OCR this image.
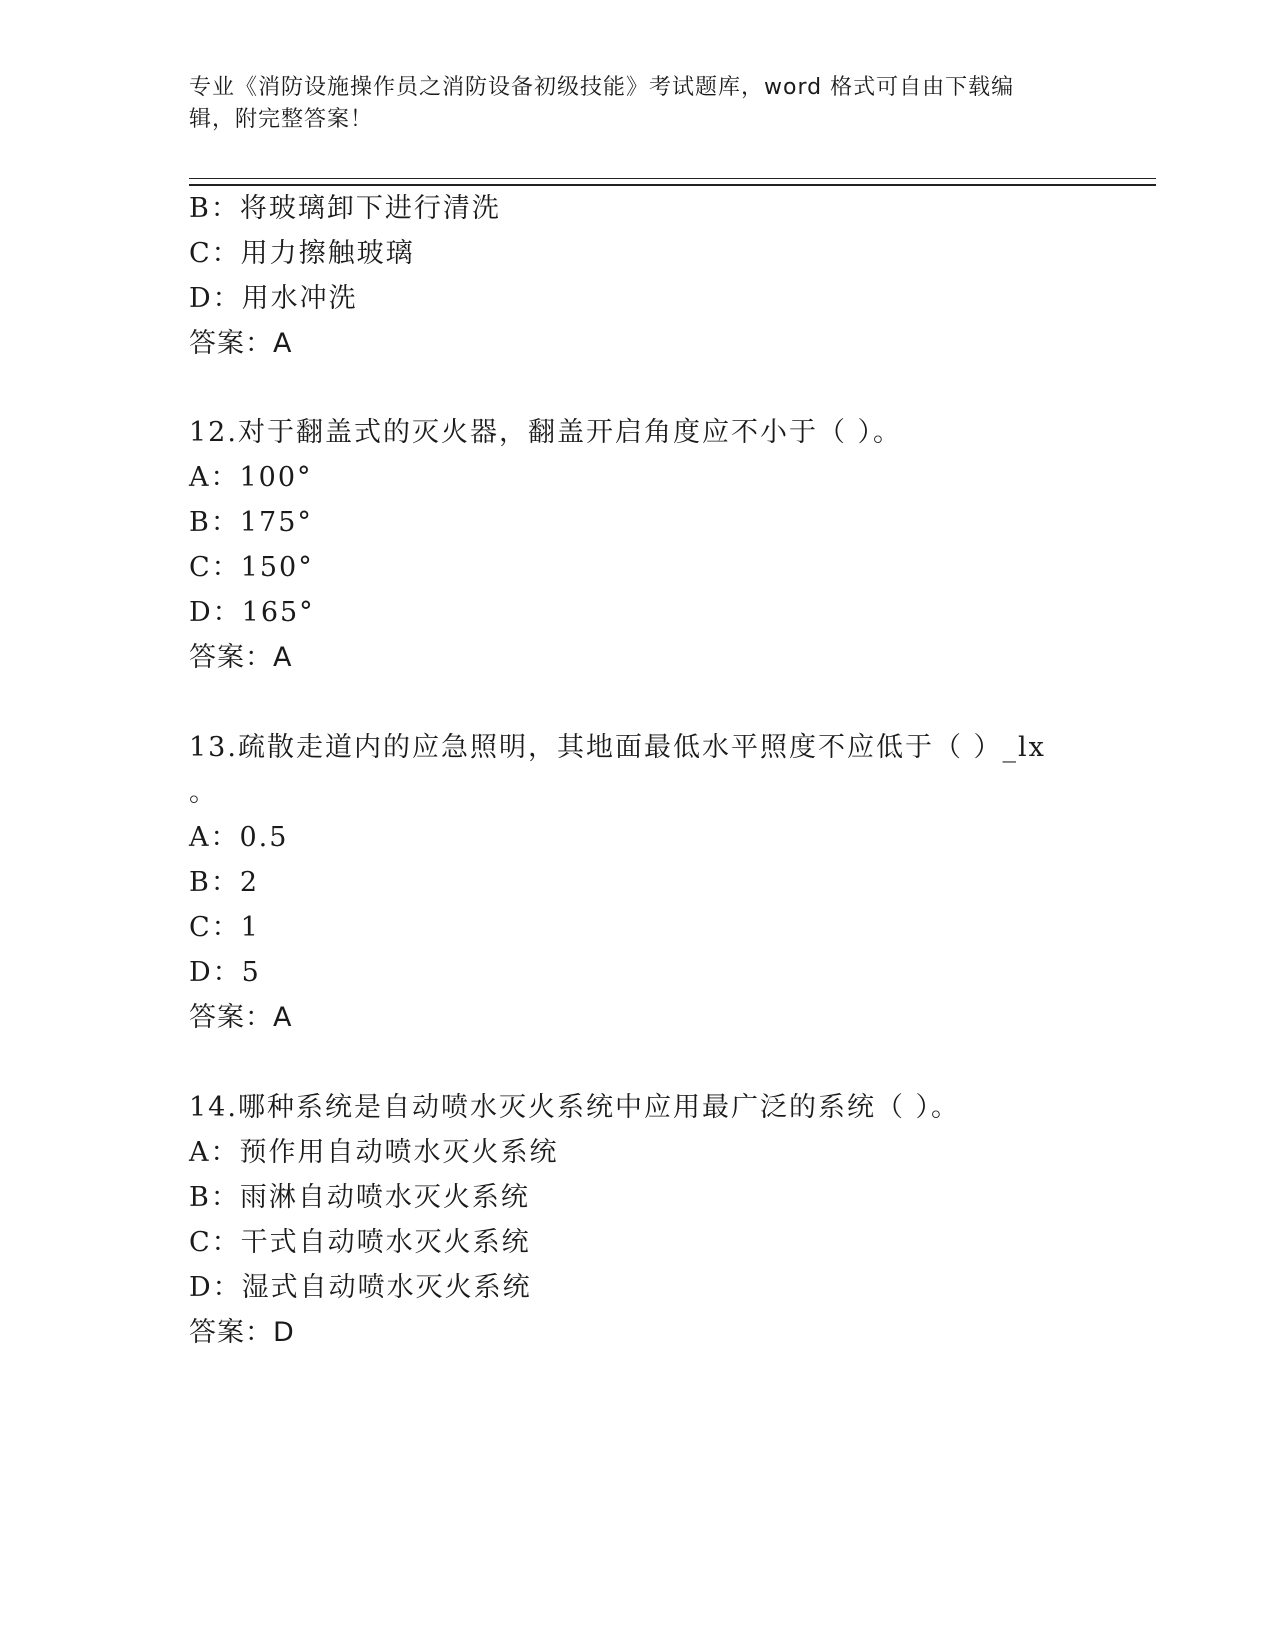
专业《消防设施操作员之消防设备初级技能》考试题库，word 格式可自由下载编
辑，附完整答案！
B：将玻璃卸下进行清洗
C：用力擦触玻璃
D：用水冲洗
答案：A
12.对于翻盖式的灭火器，翻盖开启角度应不小于（ ）。
A：100°
B：175°
C：150°
D：165°
答案：A
13.疏散走道内的应急照明，其地面最低水平照度不应低于（ ）_lx
。
A：0.5
B：2
C：1
D：5
答案：A
14.哪种系统是自动喷水灭火系统中应用最广泛的系统（ ）。
A：预作用自动喷水灭火系统
B：雨淋自动喷水灭火系统
C：干式自动喷水灭火系统
D：湿式自动喷水灭火系统
答案：D
